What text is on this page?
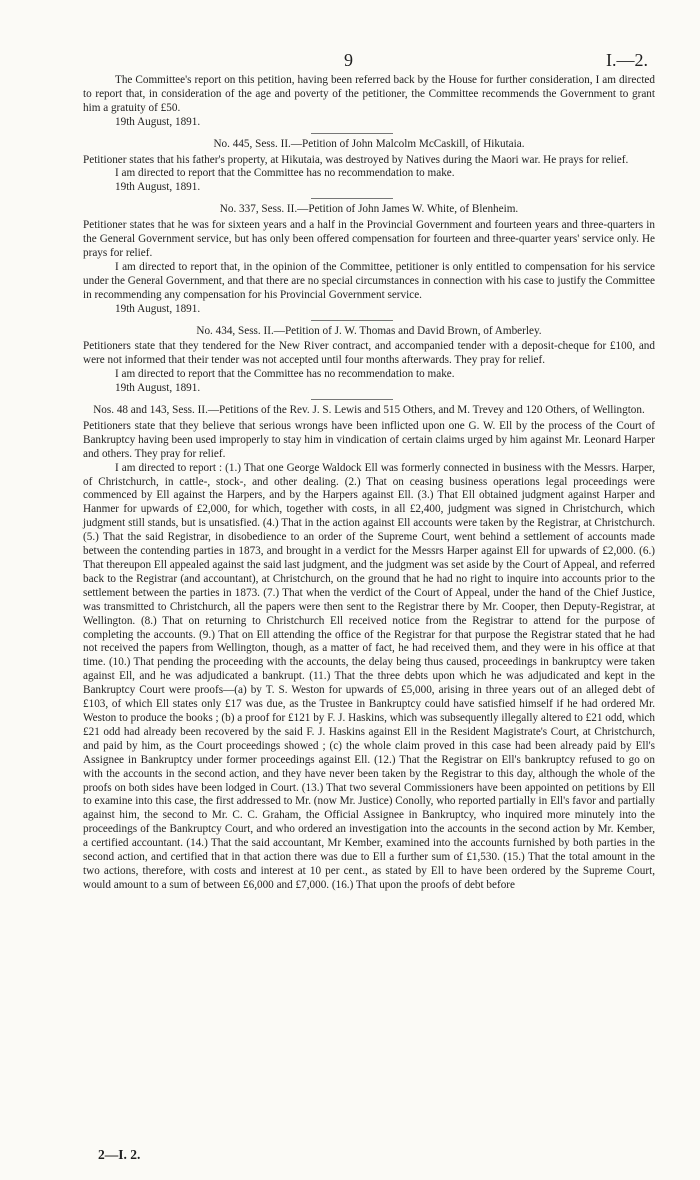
9	I.—2.

The Committee's report on this petition, having been referred back by the House for further consideration, I am directed to report that, in consideration of the age and poverty of the petitioner, the Committee recommends the Government to grant him a gratuity of £50.

19th August, 1891.

No. 445, Sess. II.—Petition of John Malcolm McCaskill, of Hikutaia.

Petitioner states that his father's property, at Hikutaia, was destroyed by Natives during the Maori war. He prays for relief.

I am directed to report that the Committee has no recommendation to make.

19th August, 1891.

No. 337, Sess. II.—Petition of John James W. White, of Blenheim.

Petitioner states that he was for sixteen years and a half in the Provincial Government and fourteen years and three-quarters in the General Government service, but has only been offered compensation for fourteen and three-quarter years' service only. He prays for relief.

I am directed to report that, in the opinion of the Committee, petitioner is only entitled to compensation for his service under the General Government, and that there are no special circumstances in connection with his case to justify the Committee in recommending any compensation for his Provincial Government service.

19th August, 1891.

No. 434, Sess. II.—Petition of J. W. Thomas and David Brown, of Amberley.

Petitioners state that they tendered for the New River contract, and accompanied tender with a deposit-cheque for £100, and were not informed that their tender was not accepted until four months afterwards. They pray for relief.

I am directed to report that the Committee has no recommendation to make.

19th August, 1891.

Nos. 48 and 143, Sess. II.—Petitions of the Rev. J. S. Lewis and 515 Others, and M. Trevey and 120 Others, of Wellington.

Petitioners state that they believe that serious wrongs have been inflicted upon one G. W. Ell by the process of the Court of Bankruptcy having been used improperly to stay him in vindication of certain claims urged by him against Mr. Leonard Harper and others. They pray for relief.

I am directed to report : (1.) That one George Waldock Ell was formerly connected in business with the Messrs. Harper, of Christchurch, in cattle-, stock-, and other dealing. (2.) That on ceasing business operations legal proceedings were commenced by Ell against the Harpers, and by the Harpers against Ell. (3.) That Ell obtained judgment against Harper and Hanmer for upwards of £2,000, for which, together with costs, in all £2,400, judgment was signed in Christchurch, which judgment still stands, but is unsatisfied. (4.) That in the action against Ell accounts were taken by the Registrar, at Christchurch. (5.) That the said Registrar, in disobedience to an order of the Supreme Court, went behind a settlement of accounts made between the contending parties in 1873, and brought in a verdict for the Messrs Harper against Ell for upwards of £2,000. (6.) That thereupon Ell appealed against the said last judgment, and the judgment was set aside by the Court of Appeal, and referred back to the Registrar (and accountant), at Christchurch, on the ground that he had no right to inquire into accounts prior to the settlement between the parties in 1873. (7.) That when the verdict of the Court of Appeal, under the hand of the Chief Justice, was transmitted to Christchurch, all the papers were then sent to the Registrar there by Mr. Cooper, then Deputy-Registrar, at Wellington. (8.) That on returning to Christchurch Ell received notice from the Registrar to attend for the purpose of completing the accounts. (9.) That on Ell attending the office of the Registrar for that purpose the Registrar stated that he had not received the papers from Wellington, though, as a matter of fact, he had received them, and they were in his office at that time. (10.) That pending the proceeding with the accounts, the delay being thus caused, proceedings in bankruptcy were taken against Ell, and he was adjudicated a bankrupt. (11.) That the three debts upon which he was adjudicated and kept in the Bankruptcy Court were proofs—(a) by T. S. Weston for upwards of £5,000, arising in three years out of an alleged debt of £103, of which Ell states only £17 was due, as the Trustee in Bankruptcy could have satisfied himself if he had ordered Mr. Weston to produce the books ; (b) a proof for £121 by F. J. Haskins, which was subsequently illegally altered to £21 odd, which £21 odd had already been recovered by the said F. J. Haskins against Ell in the Resident Magistrate's Court, at Christchurch, and paid by him, as the Court proceedings showed ; (c) the whole claim proved in this case had been already paid by Ell's Assignee in Bankruptcy under former proceedings against Ell. (12.) That the Registrar on Ell's bankruptcy refused to go on with the accounts in the second action, and they have never been taken by the Registrar to this day, although the whole of the proofs on both sides have been lodged in Court. (13.) That two several Commissioners have been appointed on petitions by Ell to examine into this case, the first addressed to Mr. (now Mr. Justice) Conolly, who reported partially in Ell's favor and partially against him, the second to Mr. C. C. Graham, the Official Assignee in Bankruptcy, who inquired more minutely into the proceedings of the Bankruptcy Court, and who ordered an investigation into the accounts in the second action by Mr. Kember, a certified accountant. (14.) That the said accountant, Mr Kember, examined into the accounts furnished by both parties in the second action, and certified that in that action there was due to Ell a further sum of £1,530. (15.) That the total amount in the two actions, therefore, with costs and interest at 10 per cent., as stated by Ell to have been ordered by the Supreme Court, would amount to a sum of between £6,000 and £7,000. (16.) That upon the proofs of debt before

2—I. 2.
